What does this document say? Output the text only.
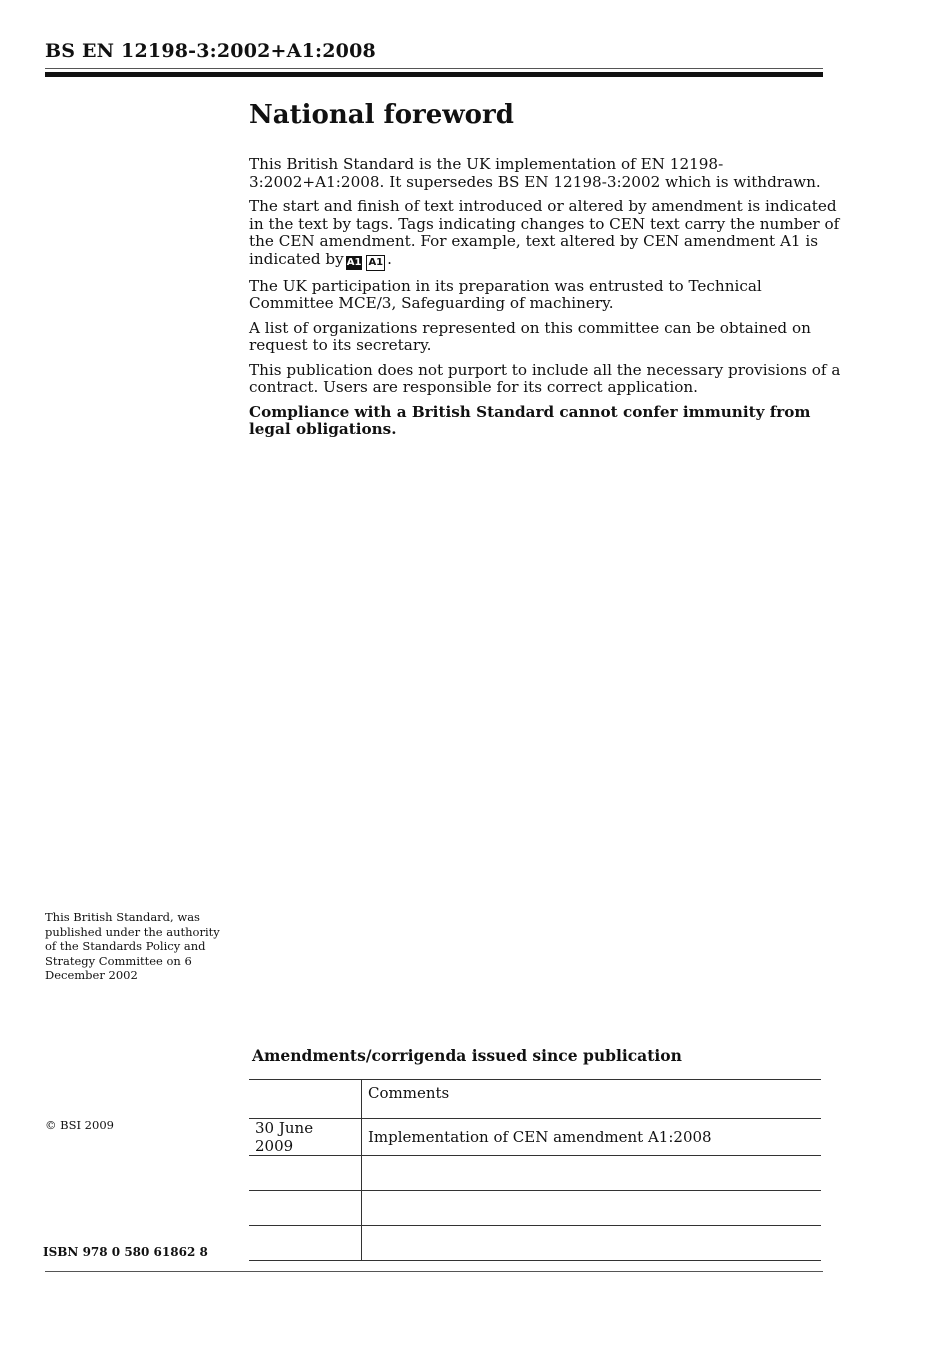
BS EN 12198-3:2002+A1:2008
National foreword

This British Standard is the UK implementation of EN 12198-3:2002+A1:2008. It supersedes BS EN 12198-3:2002 which is withdrawn.

The start and finish of text introduced or altered by amendment is indicated in the text by tags. Tags indicating changes to CEN text carry the number of the CEN amendment. For example, text altered by CEN amendment A1 is indicated by A1 A1 .

The UK participation in its preparation was entrusted to Technical Committee MCE/3, Safeguarding of machinery.

A list of organizations represented on this committee can be obtained on request to its secretary.

This publication does not purport to include all the necessary provisions of a contract. Users are responsible for its correct application.

Compliance with a British Standard cannot confer immunity from legal obligations.

This British Standard, was published under the authority of the Standards Policy and Strategy Committee on 6 December 2002
Amendments/corrigenda issued since publication
© BSI 2009
	Comments
30 June 2009	Implementation of CEN amendment A1:2008

ISBN 978 0 580 61862 8
